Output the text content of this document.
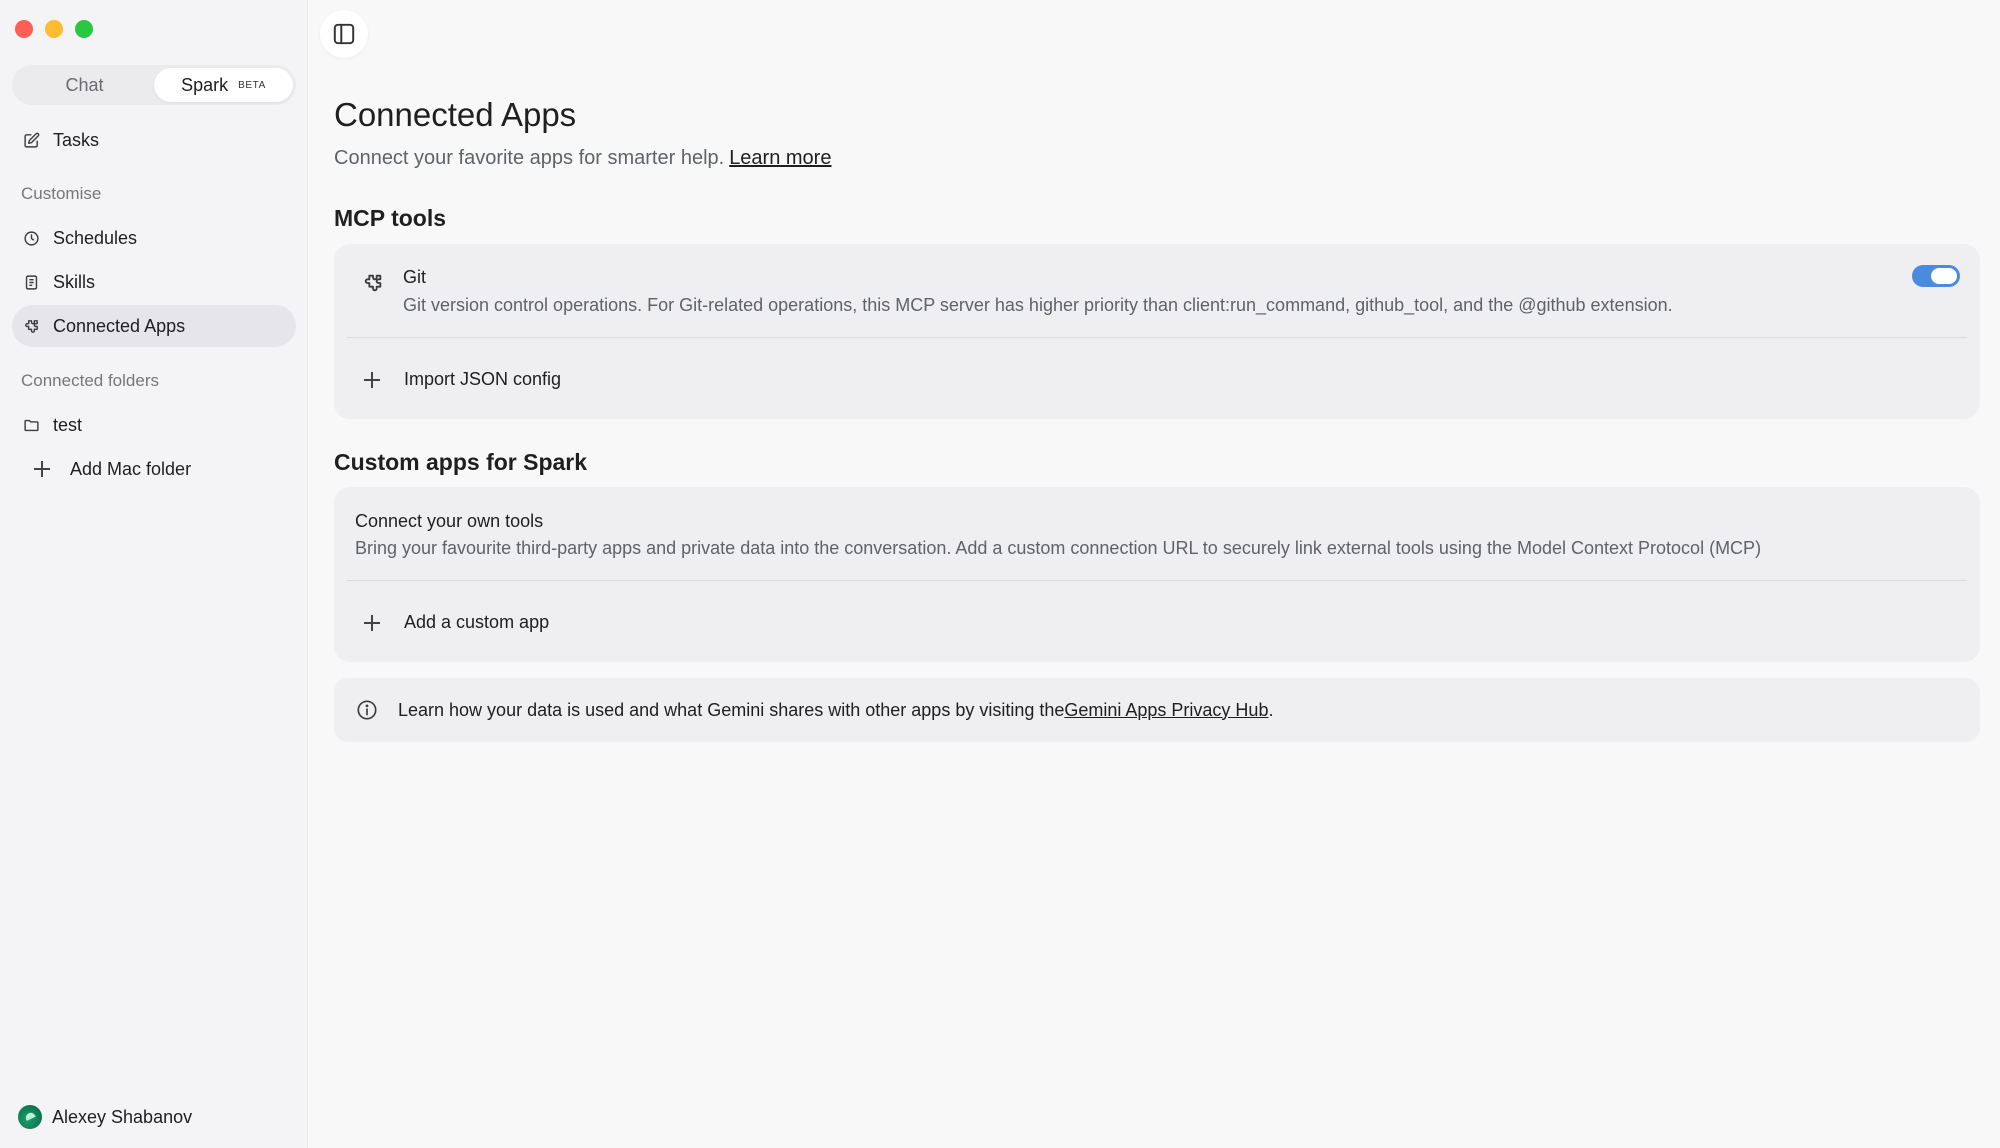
Chat	Spark BETA
Tasks
Customise
Schedules
Skills
Connected Apps
Connected folders
test
Add Mac folder
Alexey Shabanov
Connected Apps

Connect your favorite apps for smarter help. Learn more

MCP tools
Git
Git version control operations. For Git-related operations, this MCP server has higher priority than client:run_command, github_tool, and the @github extension.
Import JSON config
Custom apps for Spark
Connect your own tools
Bring your favourite third-party apps and private data into the conversation. Add a custom connection URL to securely link external tools using the Model Context Protocol (MCP)
Add a custom app
Learn how your data is used and what Gemini shares with other apps by visiting the Gemini Apps Privacy Hub .
